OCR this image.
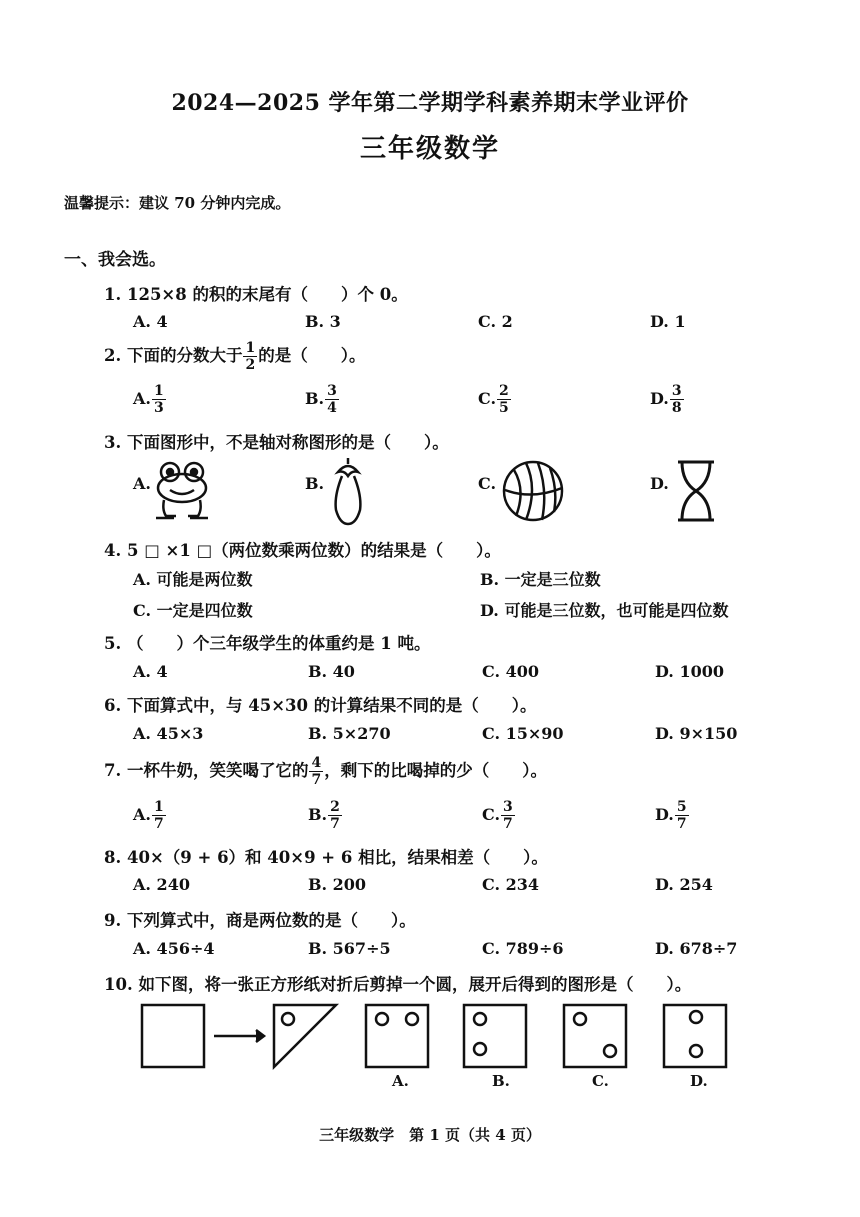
2024—2025 学年第二学期学科素养期末学业评价
三年级数学
温馨提示：建议 70 分钟内完成。
一、我会选。
1. 125×8 的积的末尾有（　　）个 0。
A. 4	B. 3	C. 2	D. 1
2. 下面的分数大于 $\frac{1}{2}$ 的是（　　）。
A. $\frac{1}{3}$	B. $\frac{3}{4}$	C. $\frac{2}{5}$	D. $\frac{3}{8}$
3. 下面图形中，不是轴对称图形的是（　　）。
A.	B.	C.	D.
4. 5 □ ×1 □（两位数乘两位数）的结果是（　　）。
A. 可能是两位数	B. 一定是三位数
C. 一定是四位数	D. 可能是三位数，也可能是四位数
5. （　　）个三年级学生的体重约是 1 吨。
A. 4	B. 40	C. 400	D. 1000
6. 下面算式中，与 45×30 的计算结果不同的是（　　）。
A. 45×3	B. 5×270	C. 15×90	D. 9×150
7. 一杯牛奶，笑笑喝了它的 $\frac{4}{7}$ ，剩下的比喝掉的少（　　）。
A. $\frac{1}{7}$	B. $\frac{2}{7}$	C. $\frac{3}{7}$	D. $\frac{5}{7}$
8. 40×（9 + 6）和 40×9 + 6 相比，结果相差（　　）。
A. 240	B. 200	C. 234	D. 254
9. 下列算式中，商是两位数的是（　　）。
A. 456÷4	B. 567÷5	C. 789÷6	D. 678÷7
10. 如下图，将一张正方形纸对折后剪掉一个圆，展开后得到的图形是（　　）。
A.	B.	C.	D.
三年级数学　第 1 页（共 4 页）
